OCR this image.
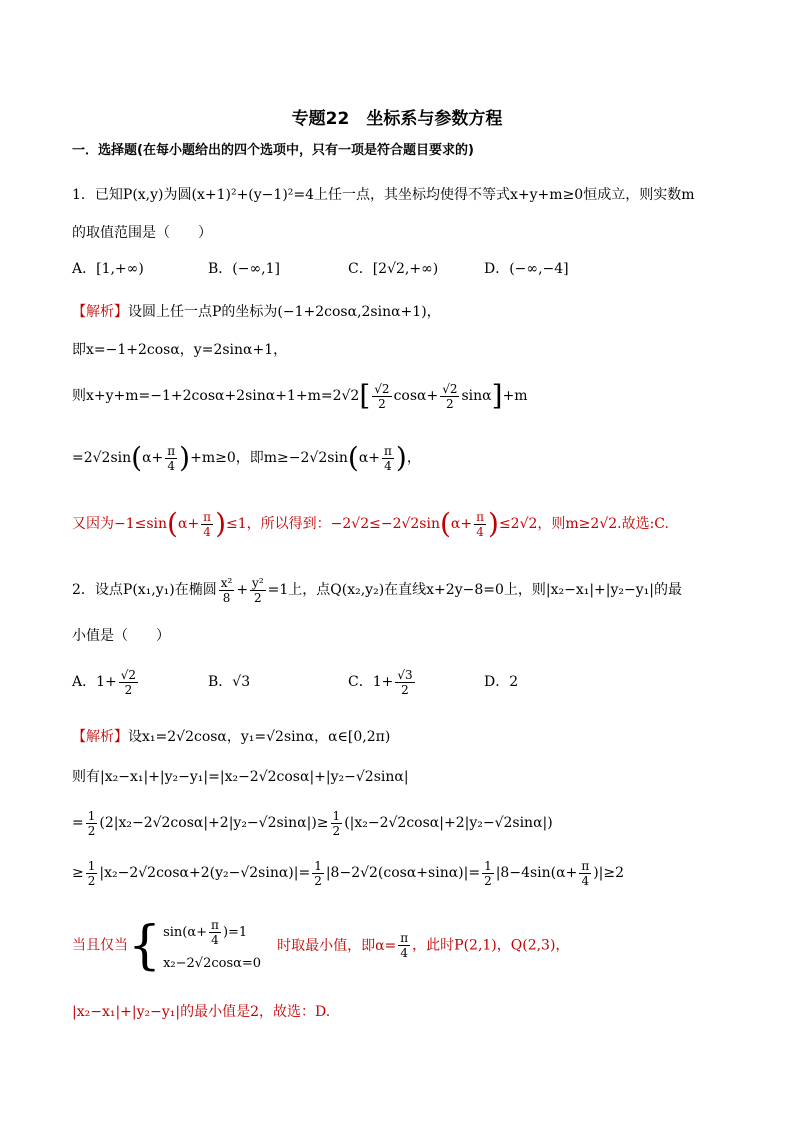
专题22　坐标系与参数方程
一．选择题(在每小题给出的四个选项中，只有一项是符合题目要求的)
1．已知P(x,y)为圆(x+1)²+(y−1)²=4上任一点，其坐标均使得不等式x+y+m≥0恒成立，则实数m
的取值范围是（　　）
A．[1,+∞)	B．(−∞,1]	C．[2√2,+∞)	D．(−∞,−4]
【解析】设圆上任一点P的坐标为(−1+2cosα,2sinα+1)，
即x=−1+2cosα，y=2sinα+1，
则$x+y+m=-1+2\cos\alpha+2\sin\alpha+1+m=2√2[ \frac{√2}{2} \cos\alpha+ \frac{√2}{2} \sin\alpha]+m$
$=2√2\sin(\alpha+ \frac{\pi}{4} )+m\ge 0$，即$m\ge-2√2\sin(\alpha+ \frac{\pi}{4}$ )，
又因为$-1\le\sin(\alpha+ \frac{\pi}{4} )\le 1$，所以得到：$-2√2\le-2√2\sin(\alpha+ \frac{\pi}{4} )\le 2√2$，则m≥2√2.故选:C.
2．设点P(x₁,y₁)在椭圆 $\frac{\text{x²}}{8} + \frac{\text{y²}}{2} =1$上，点Q(x₂,y₂)在直线x+2y−8=0上，则|x₂−x₁|+|y₂−y₁|的最
小值是（　　）
A．$1+ \frac{√2}{2}$	B．√3	C．$1+ \frac{√3}{2}$	D．2
【解析】设x₁=2√2cosα，y₁=√2sinα，α∈[0,2π)
则有|x₂−x₁|+|y₂−y₁|=|x₂−2√2cosα|+|y₂−√2sinα|
= $\frac{1}{2} (2|x_2-2√2\cos\alpha|+2|y_2-√2\sin\alpha|)\ge \frac{1}{2} (|x_2-2√2\cos\alpha|+2|y_2-√2\sin\alpha|)$
≥ $\frac{1}{2} |x_2-2√2\cos\alpha+2(y_2-√2\sin\alpha)|= \frac{1}{2} |8-2√2(\cos\alpha+\sin\alpha)|= \frac{1}{2} |8-4\sin(\alpha+ \frac{\pi}{4} )|\ge 2$
当且仅当 { $\sin(\alpha+ \frac{\pi}{4} )=1$
x₂−2√2cosα=0
时取最小值，即$\alpha= \frac{\pi}{4}$ ，此时P(2,1)，Q(2,3)，
|x₂−x₁|+|y₂−y₁|的最小值是2，故选：D.
